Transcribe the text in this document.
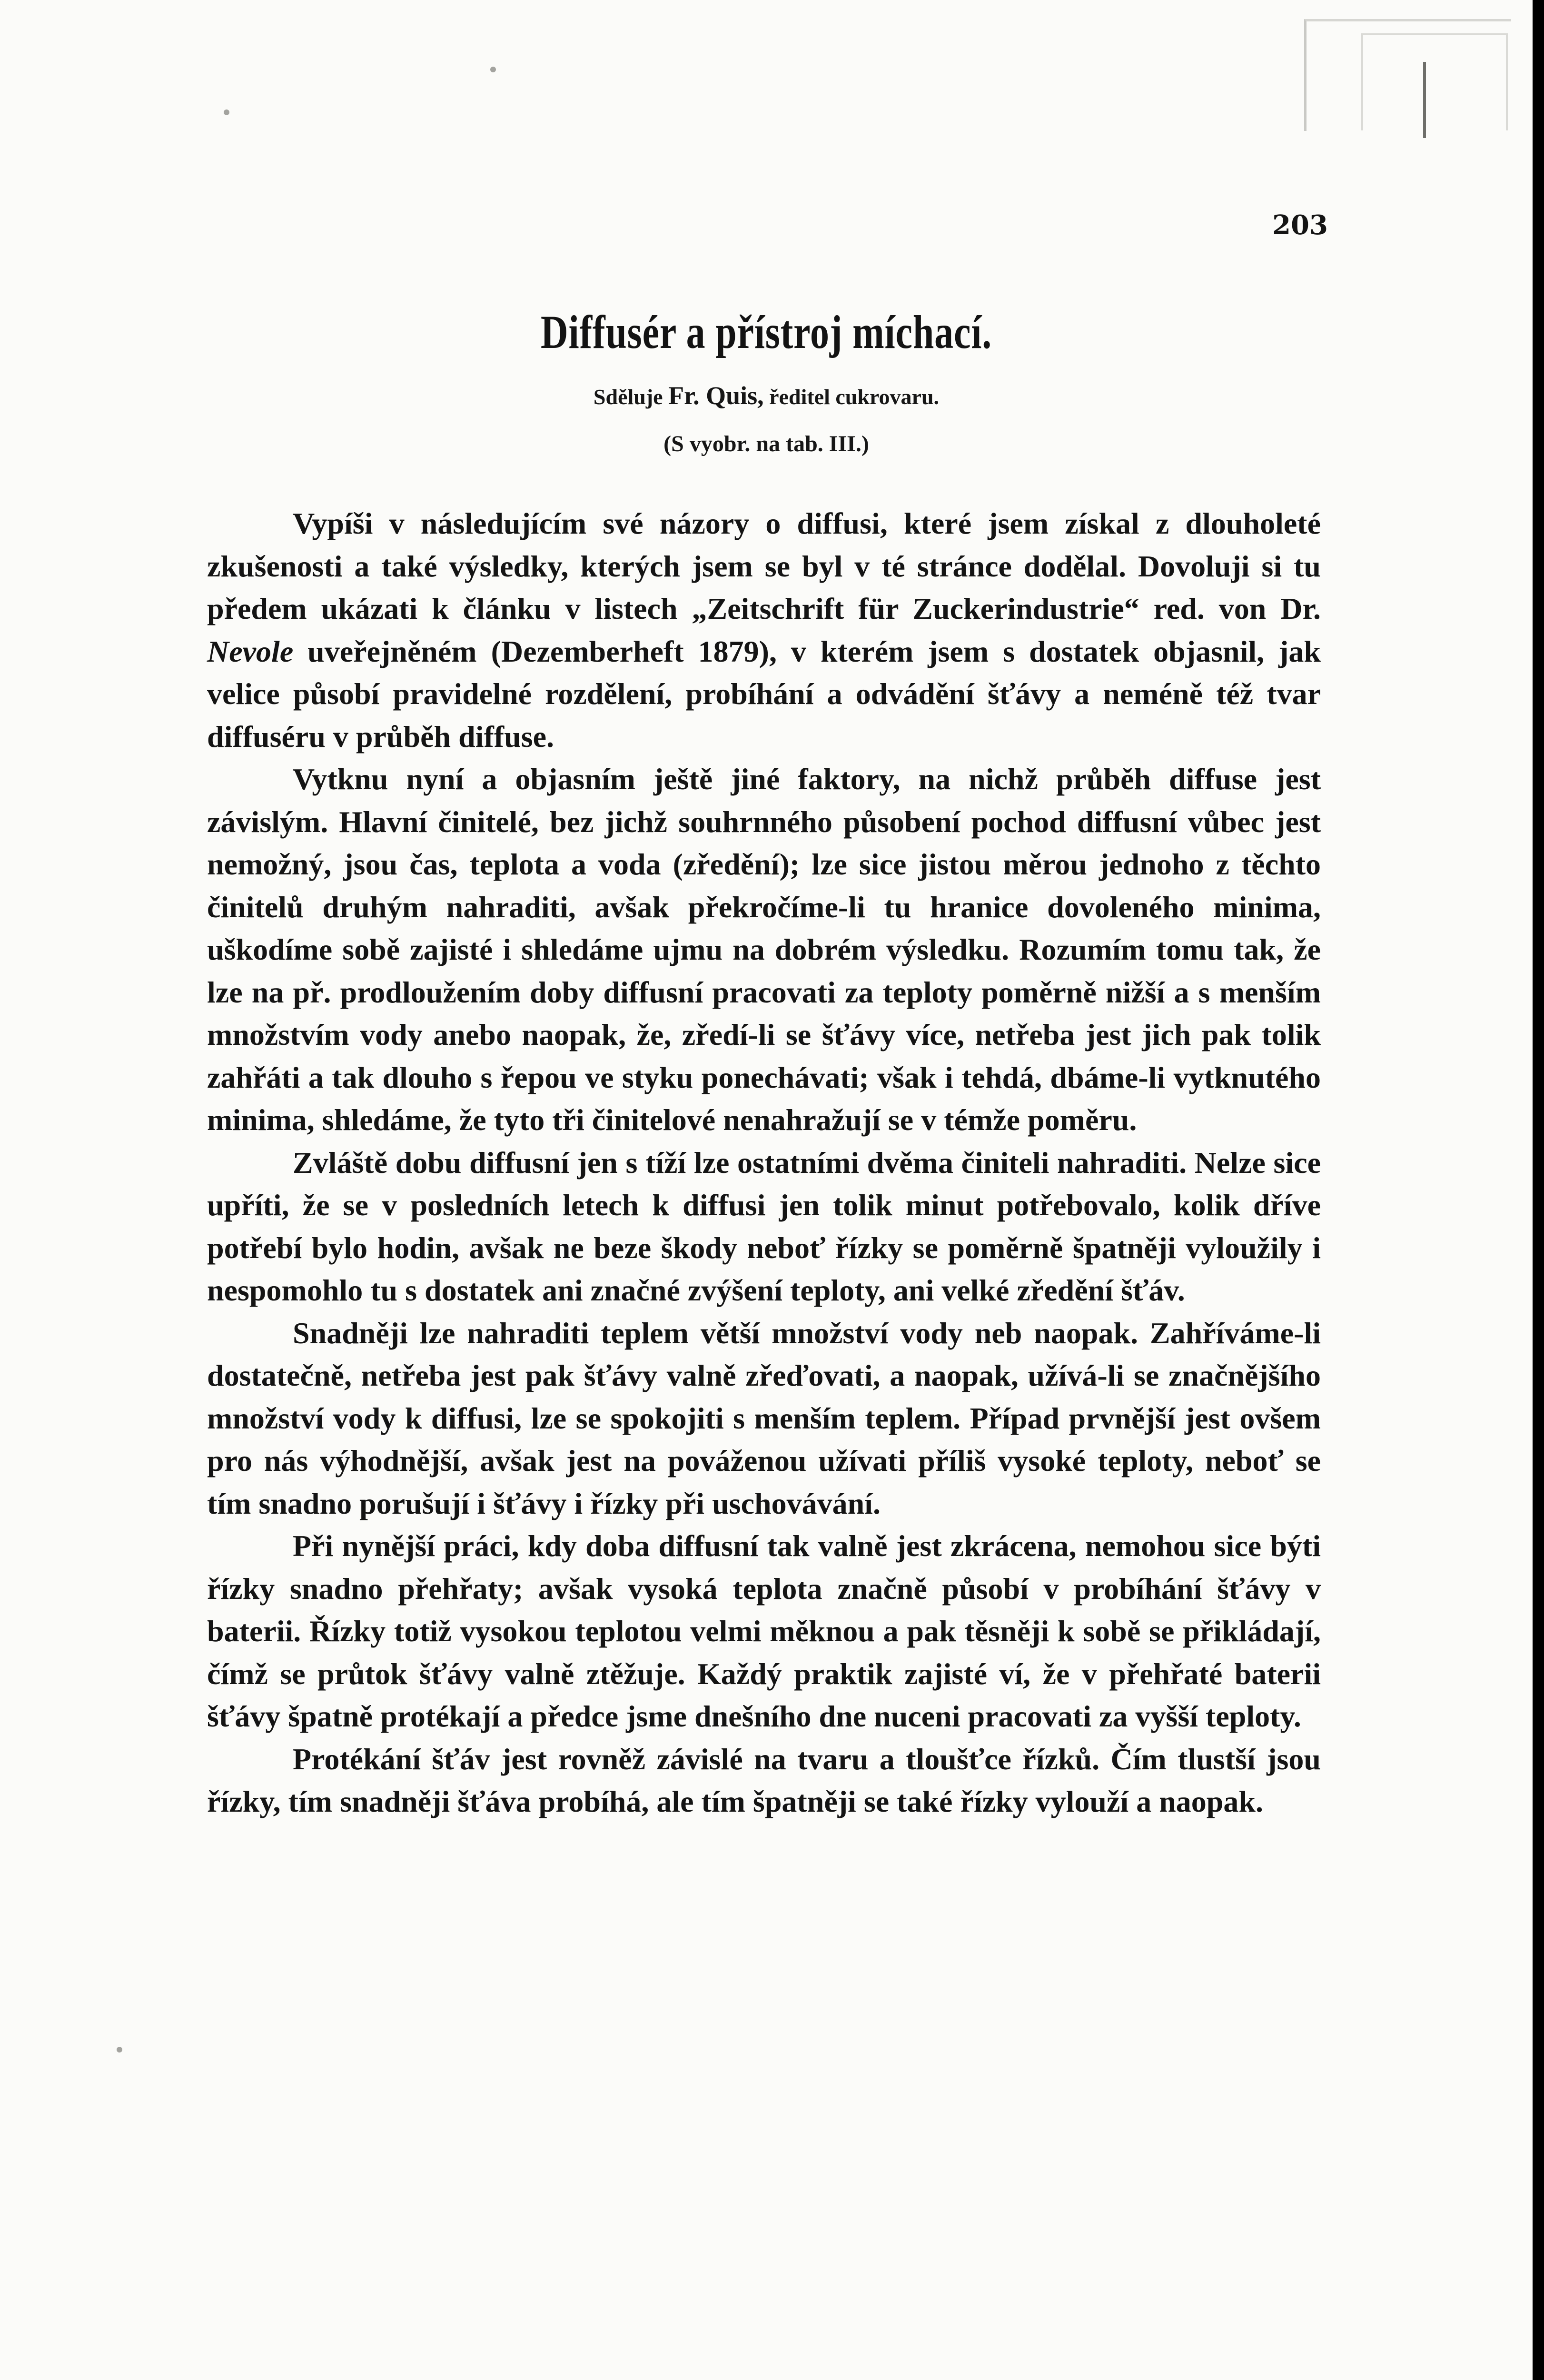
203
Diffusér a přístroj míchací.
Sděluje Fr. Quis, ředitel cukrovaru.
(S vyobr. na tab. III.)

Vypíši v následujícím své názory o diffusi, které jsem získal z dlouholeté zkušenosti a také výsledky, kterých jsem se byl v té stránce dodělal. Dovoluji si tu předem ukázati k článku v listech „Zeitschrift für Zuckerindustrie“ red. von Dr. Nevole uveřejněném (Dezemberheft 1879), v kterém jsem s dostatek objasnil, jak velice působí pravidelné rozdělení, probíhání a odvádění šťávy a neméně též tvar diffuséru v průběh diffuse.

Vytknu nyní a objasním ještě jiné faktory, na nichž průběh diffuse jest závislým. Hlavní činitelé, bez jichž souhrnného působení pochod diffusní vůbec jest nemožný, jsou čas, teplota a voda (zředění); lze sice jistou měrou jednoho z těchto činitelů druhým nahraditi, avšak překročíme-li tu hranice dovoleného minima, uškodíme sobě zajisté i shledáme ujmu na dobrém výsledku. Rozumím tomu tak, že lze na př. prodloužením doby diffusní pracovati za teploty poměrně nižší a s menším množstvím vody anebo naopak, že, zředí-li se šťávy více, netřeba jest jich pak tolik zahřáti a tak dlouho s řepou ve styku ponechávati; však i tehdá, dbáme-li vytknutého minima, shledáme, že tyto tři činitelové nenahražují se v témže poměru.

Zvláště dobu diffusní jen s tíží lze ostatními dvěma činiteli nahraditi. Nelze sice upříti, že se v posledních letech k diffusi jen tolik minut potřebovalo, kolik dříve potřebí bylo hodin, avšak ne beze škody neboť řízky se poměrně špatněji vyloužily i nespomohlo tu s dostatek ani značné zvýšení teploty, ani velké zředění šťáv.

Snadněji lze nahraditi teplem větší množství vody neb naopak. Zahříváme-li dostatečně, netřeba jest pak šťávy valně zřeďovati, a naopak, užívá-li se značnějšího množství vody k diffusi, lze se spokojiti s menším teplem. Případ prvnější jest ovšem pro nás výhodnější, avšak jest na pováženou užívati příliš vysoké teploty, neboť se tím snadno porušují i šťávy i řízky při uschovávání.

Při nynější práci, kdy doba diffusní tak valně jest zkrácena, nemohou sice býti řízky snadno přehřaty; avšak vysoká teplota značně působí v probíhání šťávy v baterii. Řízky totiž vysokou teplotou velmi měknou a pak těsněji k sobě se přikládají, čímž se průtok šťávy valně ztěžuje. Každý praktik zajisté ví, že v přehřaté baterii šťávy špatně protékají a předce jsme dnešního dne nuceni pracovati za vyšší teploty.

Protékání šťáv jest rovněž závislé na tvaru a tloušťce řízků. Čím tlustší jsou řízky, tím snadněji šťáva probíhá, ale tím špatněji se také řízky vylouží a naopak.
